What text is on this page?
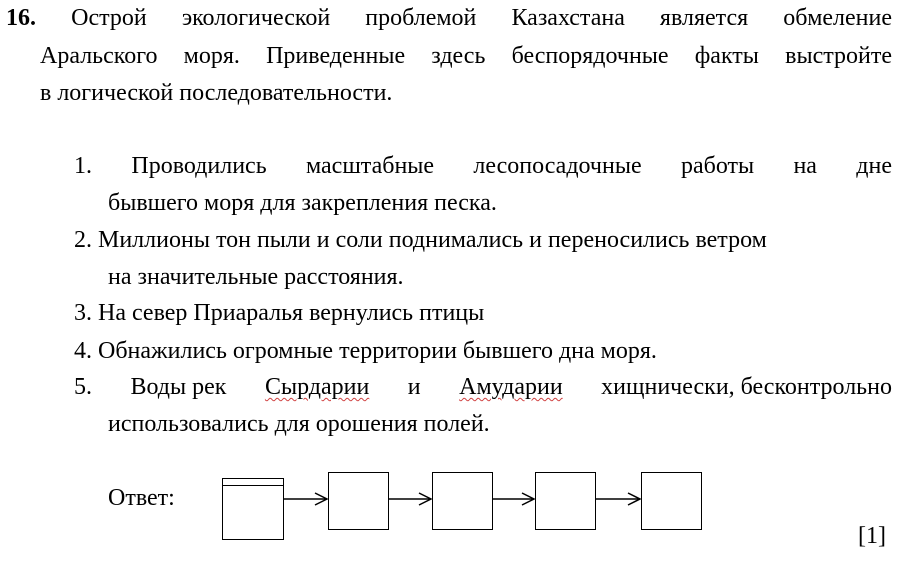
16. Острой экологической проблемой Казахстана является обмеление
Аральского моря. Приведенные здесь беспорядочные факты выстройте
в логической последовательности.
1. Проводились масштабные лесопосадочные работы на дне
бывшего моря для закрепления песка.
2. Миллионы тон пыли и соли поднимались и переносились ветром
на значительные расстояния.
3. На север Приаралья вернулись птицы
4. Обнажились огромные территории бывшего дна моря.
5. Воды рек Сырдарии и Амударии хищнически, бесконтрольно
использовались для орошения полей.
Ответ:
[1]
